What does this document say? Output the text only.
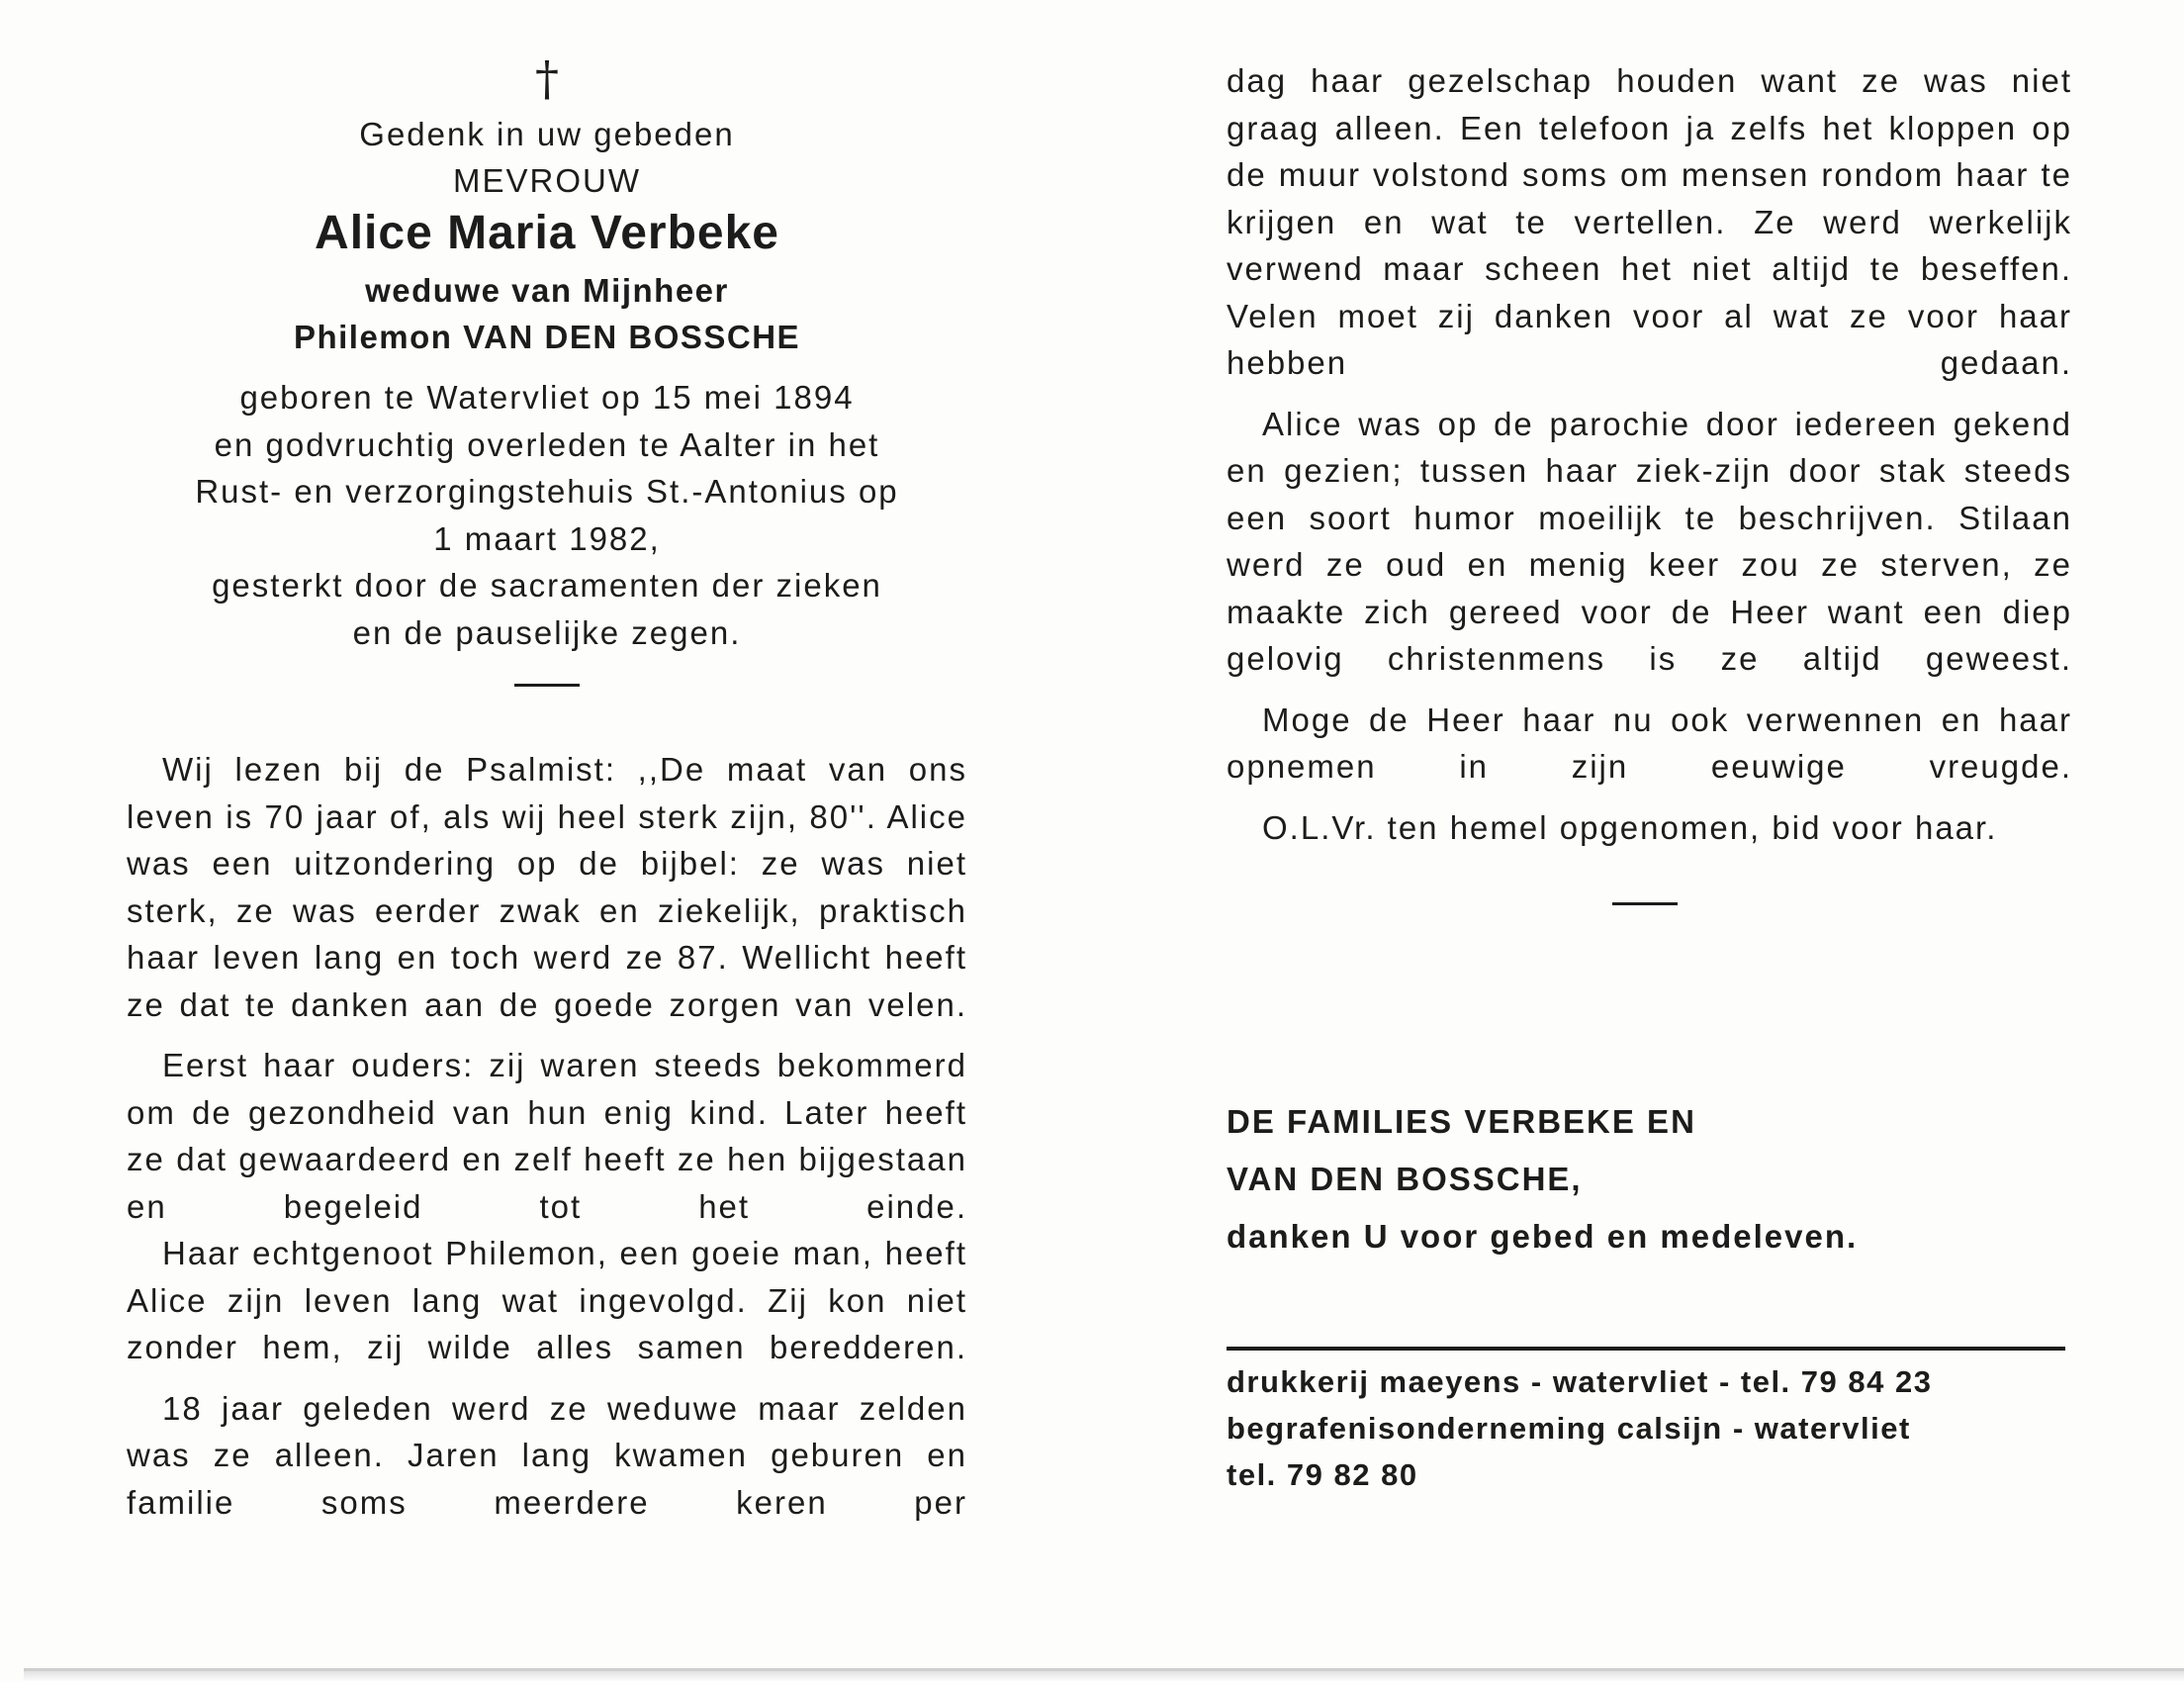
†
Gedenk in uw gebeden
MEVROUW
Alice Maria Verbeke
weduwe van Mijnheer
Philemon VAN DEN BOSSCHE
geboren te Watervliet op 15 mei 1894
en godvruchtig overleden te Aalter in het
Rust- en verzorgingstehuis St.-Antonius op
1 maart 1982,
gesterkt door de sacramenten der zieken
en de pauselijke zegen.

Wij lezen bij de Psalmist: ,,De maat van ons leven is 70 jaar of, als wij heel sterk zijn, 80''. Alice was een uitzondering op de bijbel: ze was niet sterk, ze was eerder zwak en ziekelijk, praktisch haar leven lang en toch werd ze 87. Wellicht heeft ze dat te danken aan de goede zorgen van velen.

Eerst haar ouders: zij waren steeds bekommerd om de gezondheid van hun enig kind. Later heeft ze dat gewaardeerd en zelf heeft ze hen bijgestaan en begeleid tot het einde.

Haar echtgenoot Philemon, een goeie man, heeft Alice zijn leven lang wat ingevolgd. Zij kon niet zonder hem, zij wilde alles samen beredderen.

18 jaar geleden werd ze weduwe maar zelden was ze alleen. Jaren lang kwamen geburen en familie soms meerdere keren per

dag haar gezelschap houden want ze was niet graag alleen. Een telefoon ja zelfs het kloppen op de muur volstond soms om mensen rondom haar te krijgen en wat te vertellen. Ze werd werkelijk verwend maar scheen het niet altijd te beseffen. Velen moet zij danken voor al wat ze voor haar hebben gedaan.

Alice was op de parochie door iedereen gekend en gezien; tussen haar ziek-zijn door stak steeds een soort humor moeilijk te beschrijven. Stilaan werd ze oud en menig keer zou ze sterven, ze maakte zich gereed voor de Heer want een diep gelovig christenmens is ze altijd geweest.

Moge de Heer haar nu ook verwennen en haar opnemen in zijn eeuwige vreugde.

O.L.Vr. ten hemel opgenomen, bid voor haar.

DE FAMILIES VERBEKE EN
VAN DEN BOSSCHE,
danken U voor gebed en medeleven.
drukkerij maeyens - watervliet - tel. 79 84 23
begrafenisonderneming calsijn - watervliet
tel. 79 82 80
